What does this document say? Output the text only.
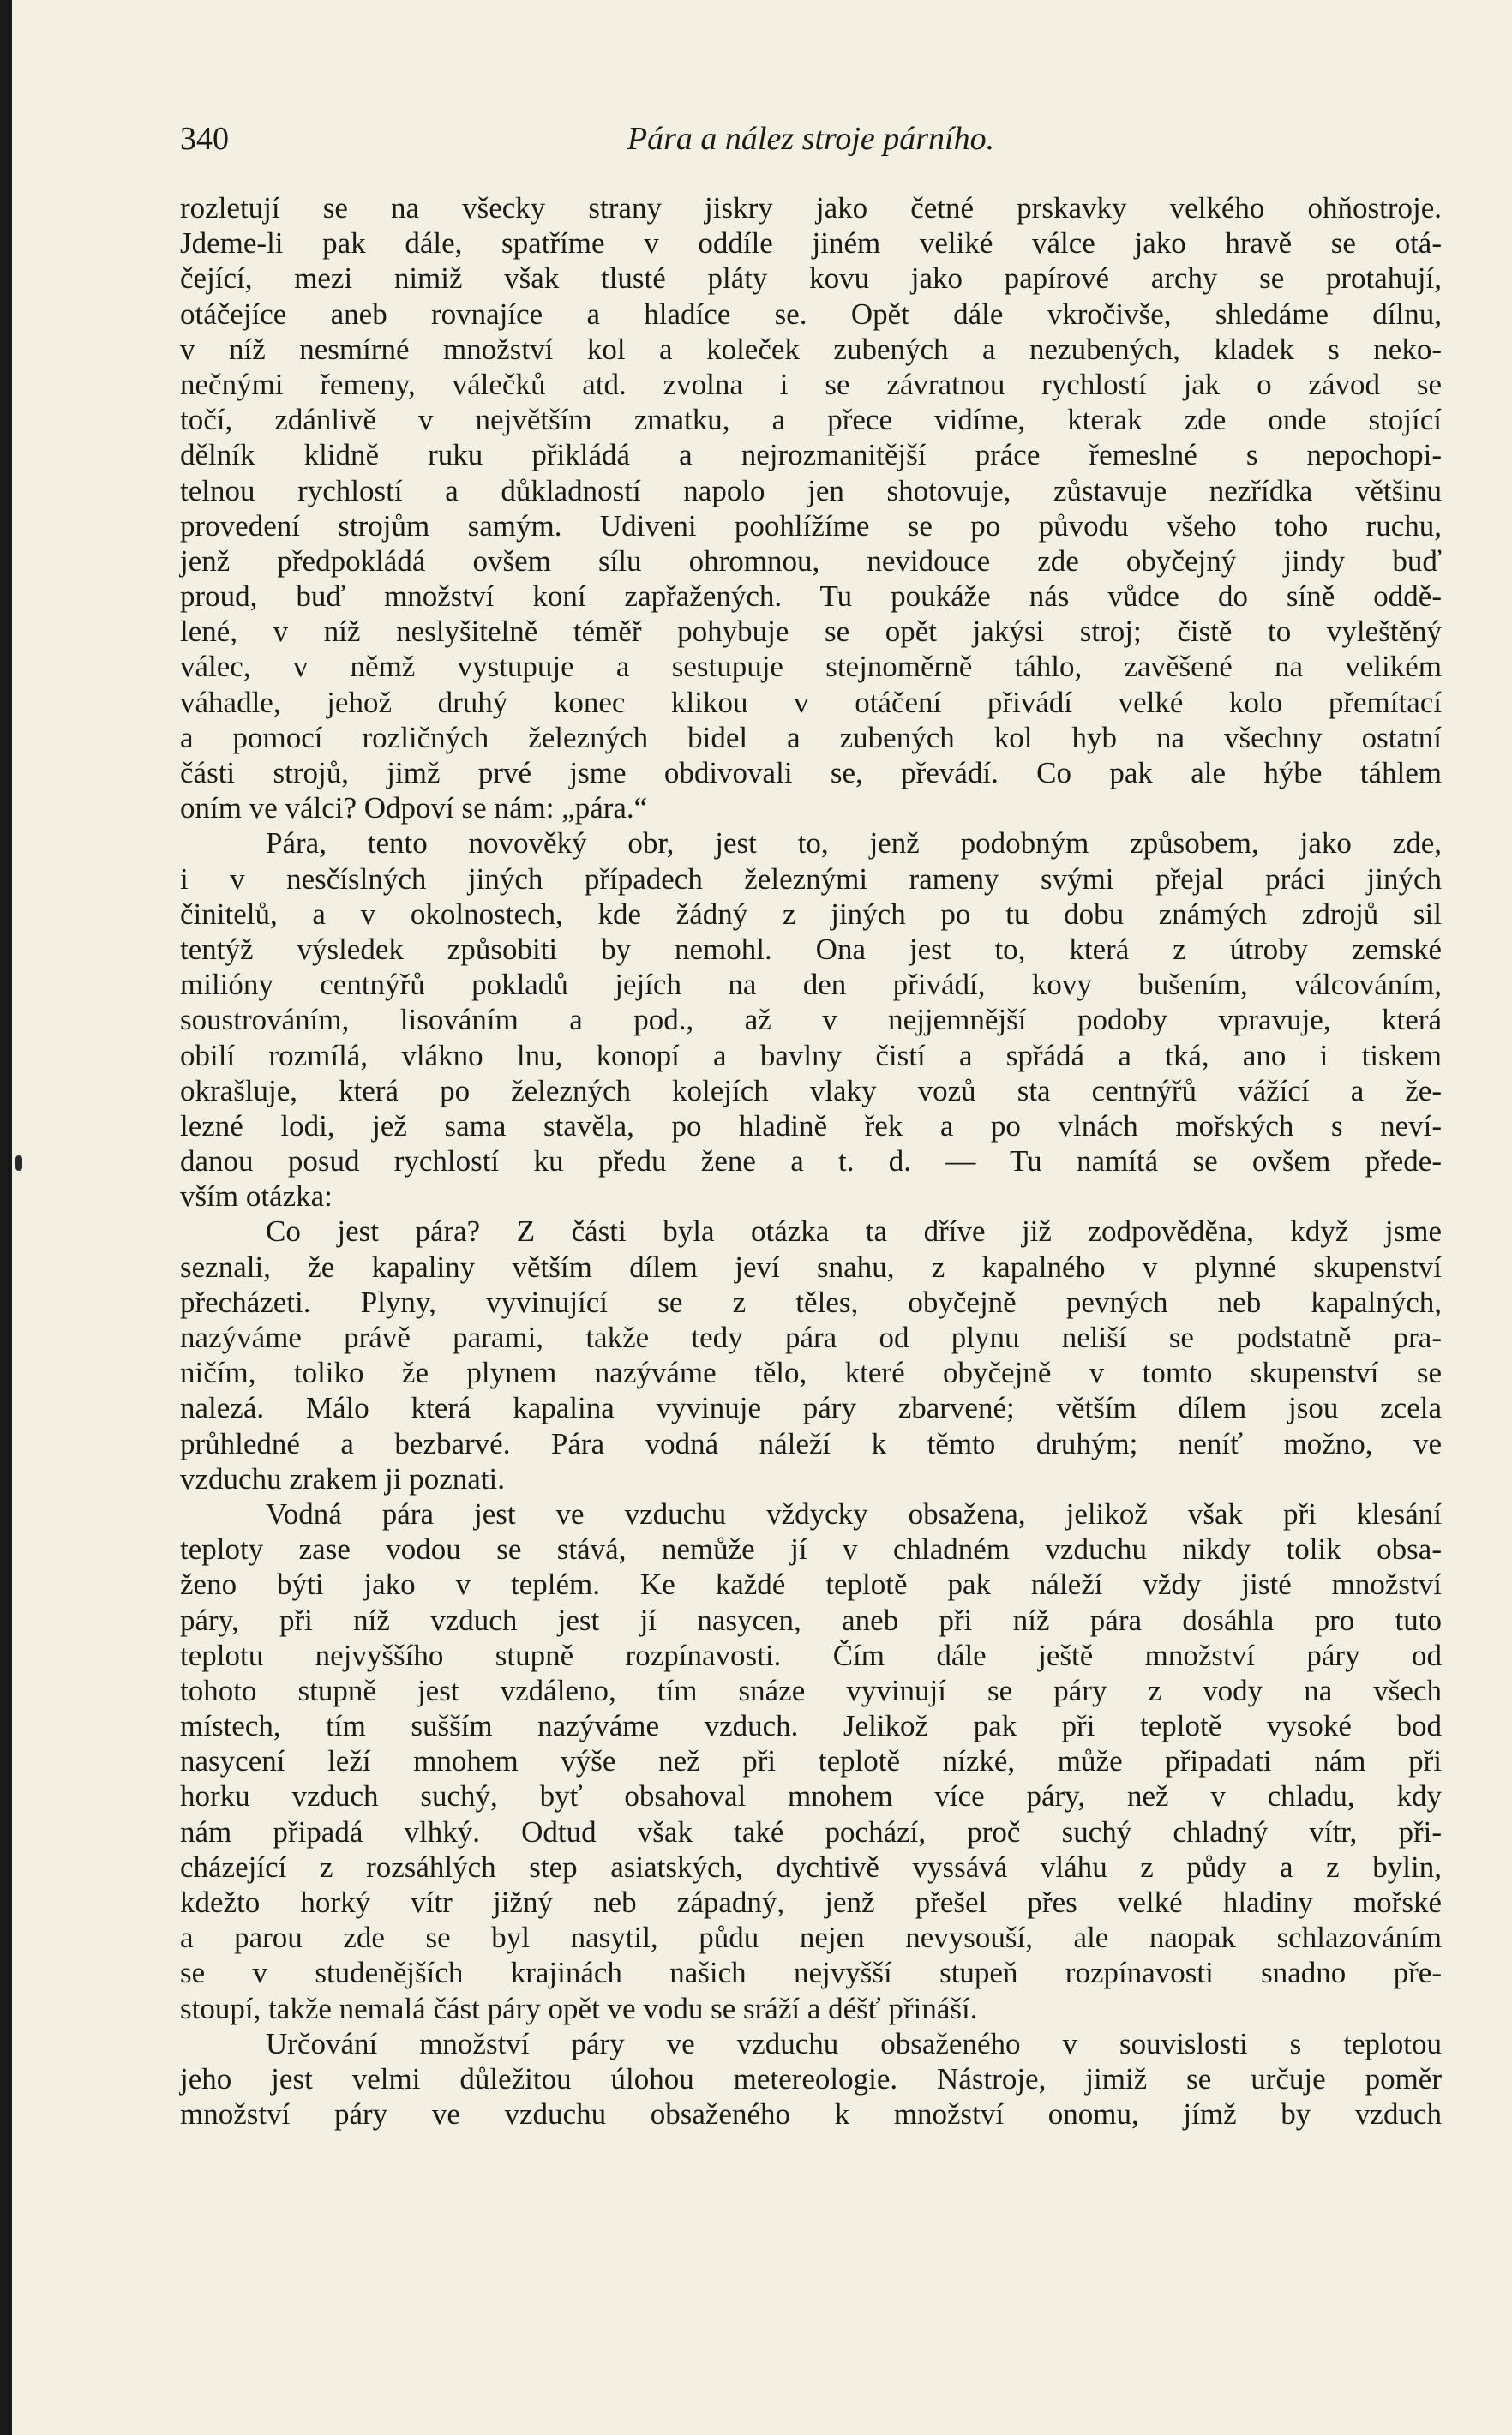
340	Pára a nález stroje párního.
rozletují se na všecky strany jiskry jako četné prskavky velkého ohňostroje.
Jdeme-li pak dále, spatříme v oddíle jiném veliké válce jako hravě se otá-
čející, mezi nimiž však tlusté pláty kovu jako papírové archy se protahují,
otáčejíce aneb rovnajíce a hladíce se. Opět dále vkročivše, shledáme dílnu,
v níž nesmírné množství kol a koleček zubených a nezubených, kladek s neko-
nečnými řemeny, válečků atd. zvolna i se závratnou rychlostí jak o závod se
točí, zdánlivě v největším zmatku, a přece vidíme, kterak zde onde stojící
dělník klidně ruku přikládá a nejrozmanitější práce řemeslné s nepochopi-
telnou rychlostí a důkladností napolo jen shotovuje, zůstavuje nezřídka většinu
provedení strojům samým. Udiveni poohlížíme se po původu všeho toho ruchu,
jenž předpokládá ovšem sílu ohromnou, nevidouce zde obyčejný jindy buď
proud, buď množství koní zapřažených. Tu poukáže nás vůdce do síně oddě-
lené, v níž neslyšitelně téměř pohybuje se opět jakýsi stroj; čistě to vyleštěný
válec, v němž vystupuje a sestupuje stejnoměrně táhlo, zavěšené na velikém
váhadle, jehož druhý konec klikou v otáčení přivádí velké kolo přemítací
a pomocí rozličných železných bidel a zubených kol hyb na všechny ostatní
části strojů, jimž prvé jsme obdivovali se, převádí. Co pak ale hýbe táhlem
oním ve válci? Odpoví se nám: „pára.“
Pára, tento novověký obr, jest to, jenž podobným způsobem, jako zde,
i v nesčíslných jiných případech železnými rameny svými přejal práci jiných
činitelů, a v okolnostech, kde žádný z jiných po tu dobu známých zdrojů sil
tentýž výsledek způsobiti by nemohl. Ona jest to, která z útroby zemské
milióny centnýřů pokladů jejích na den přivádí, kovy bušením, válcováním,
soustrováním, lisováním a pod., až v nejjemnější podoby vpravuje, která
obilí rozmílá, vlákno lnu, konopí a bavlny čistí a spřádá a tká, ano i tiskem
okrašluje, která po železných kolejích vlaky vozů sta centnýřů vážící a že-
lezné lodi, jež sama stavěla, po hladině řek a po vlnách mořských s neví-
danou posud rychlostí ku předu žene a t. d. — Tu namítá se ovšem přede-
vším otázka:
Co jest pára? Z části byla otázka ta dříve již zodpověděna, když jsme
seznali, že kapaliny větším dílem jeví snahu, z kapalného v plynné skupenství
přecházeti. Plyny, vyvinující se z těles, obyčejně pevných neb kapalných,
nazýváme právě parami, takže tedy pára od plynu neliší se podstatně pra-
ničím, toliko že plynem nazýváme tělo, které obyčejně v tomto skupenství se
nalezá. Málo která kapalina vyvinuje páry zbarvené; větším dílem jsou zcela
průhledné a bezbarvé. Pára vodná náleží k těmto druhým; neníť možno, ve
vzduchu zrakem ji poznati.
Vodná pára jest ve vzduchu vždycky obsažena, jelikož však při klesání
teploty zase vodou se stává, nemůže jí v chladném vzduchu nikdy tolik obsa-
ženo býti jako v teplém. Ke každé teplotě pak náleží vždy jisté množství
páry, při níž vzduch jest jí nasycen, aneb při níž pára dosáhla pro tuto
teplotu nejvyššího stupně rozpínavosti. Čím dále ještě množství páry od
tohoto stupně jest vzdáleno, tím snáze vyvinují se páry z vody na všech
místech, tím sušším nazýváme vzduch. Jelikož pak při teplotě vysoké bod
nasycení leží mnohem výše než při teplotě nízké, může připadati nám při
horku vzduch suchý, byť obsahoval mnohem více páry, než v chladu, kdy
nám připadá vlhký. Odtud však také pochází, proč suchý chladný vítr, při-
cházející z rozsáhlých step asiatských, dychtivě vyssává vláhu z půdy a z bylin,
kdežto horký vítr jižný neb západný, jenž přešel přes velké hladiny mořské
a parou zde se byl nasytil, půdu nejen nevysouší, ale naopak schlazováním
se v studenějších krajinách našich nejvyšší stupeň rozpínavosti snadno pře-
stoupí, takže nemalá část páry opět ve vodu se sráží a déšť přináší.
Určování množství páry ve vzduchu obsaženého v souvislosti s teplotou
jeho jest velmi důležitou úlohou metereologie. Nástroje, jimiž se určuje poměr
množství páry ve vzduchu obsaženého k množství onomu, jímž by vzduch
